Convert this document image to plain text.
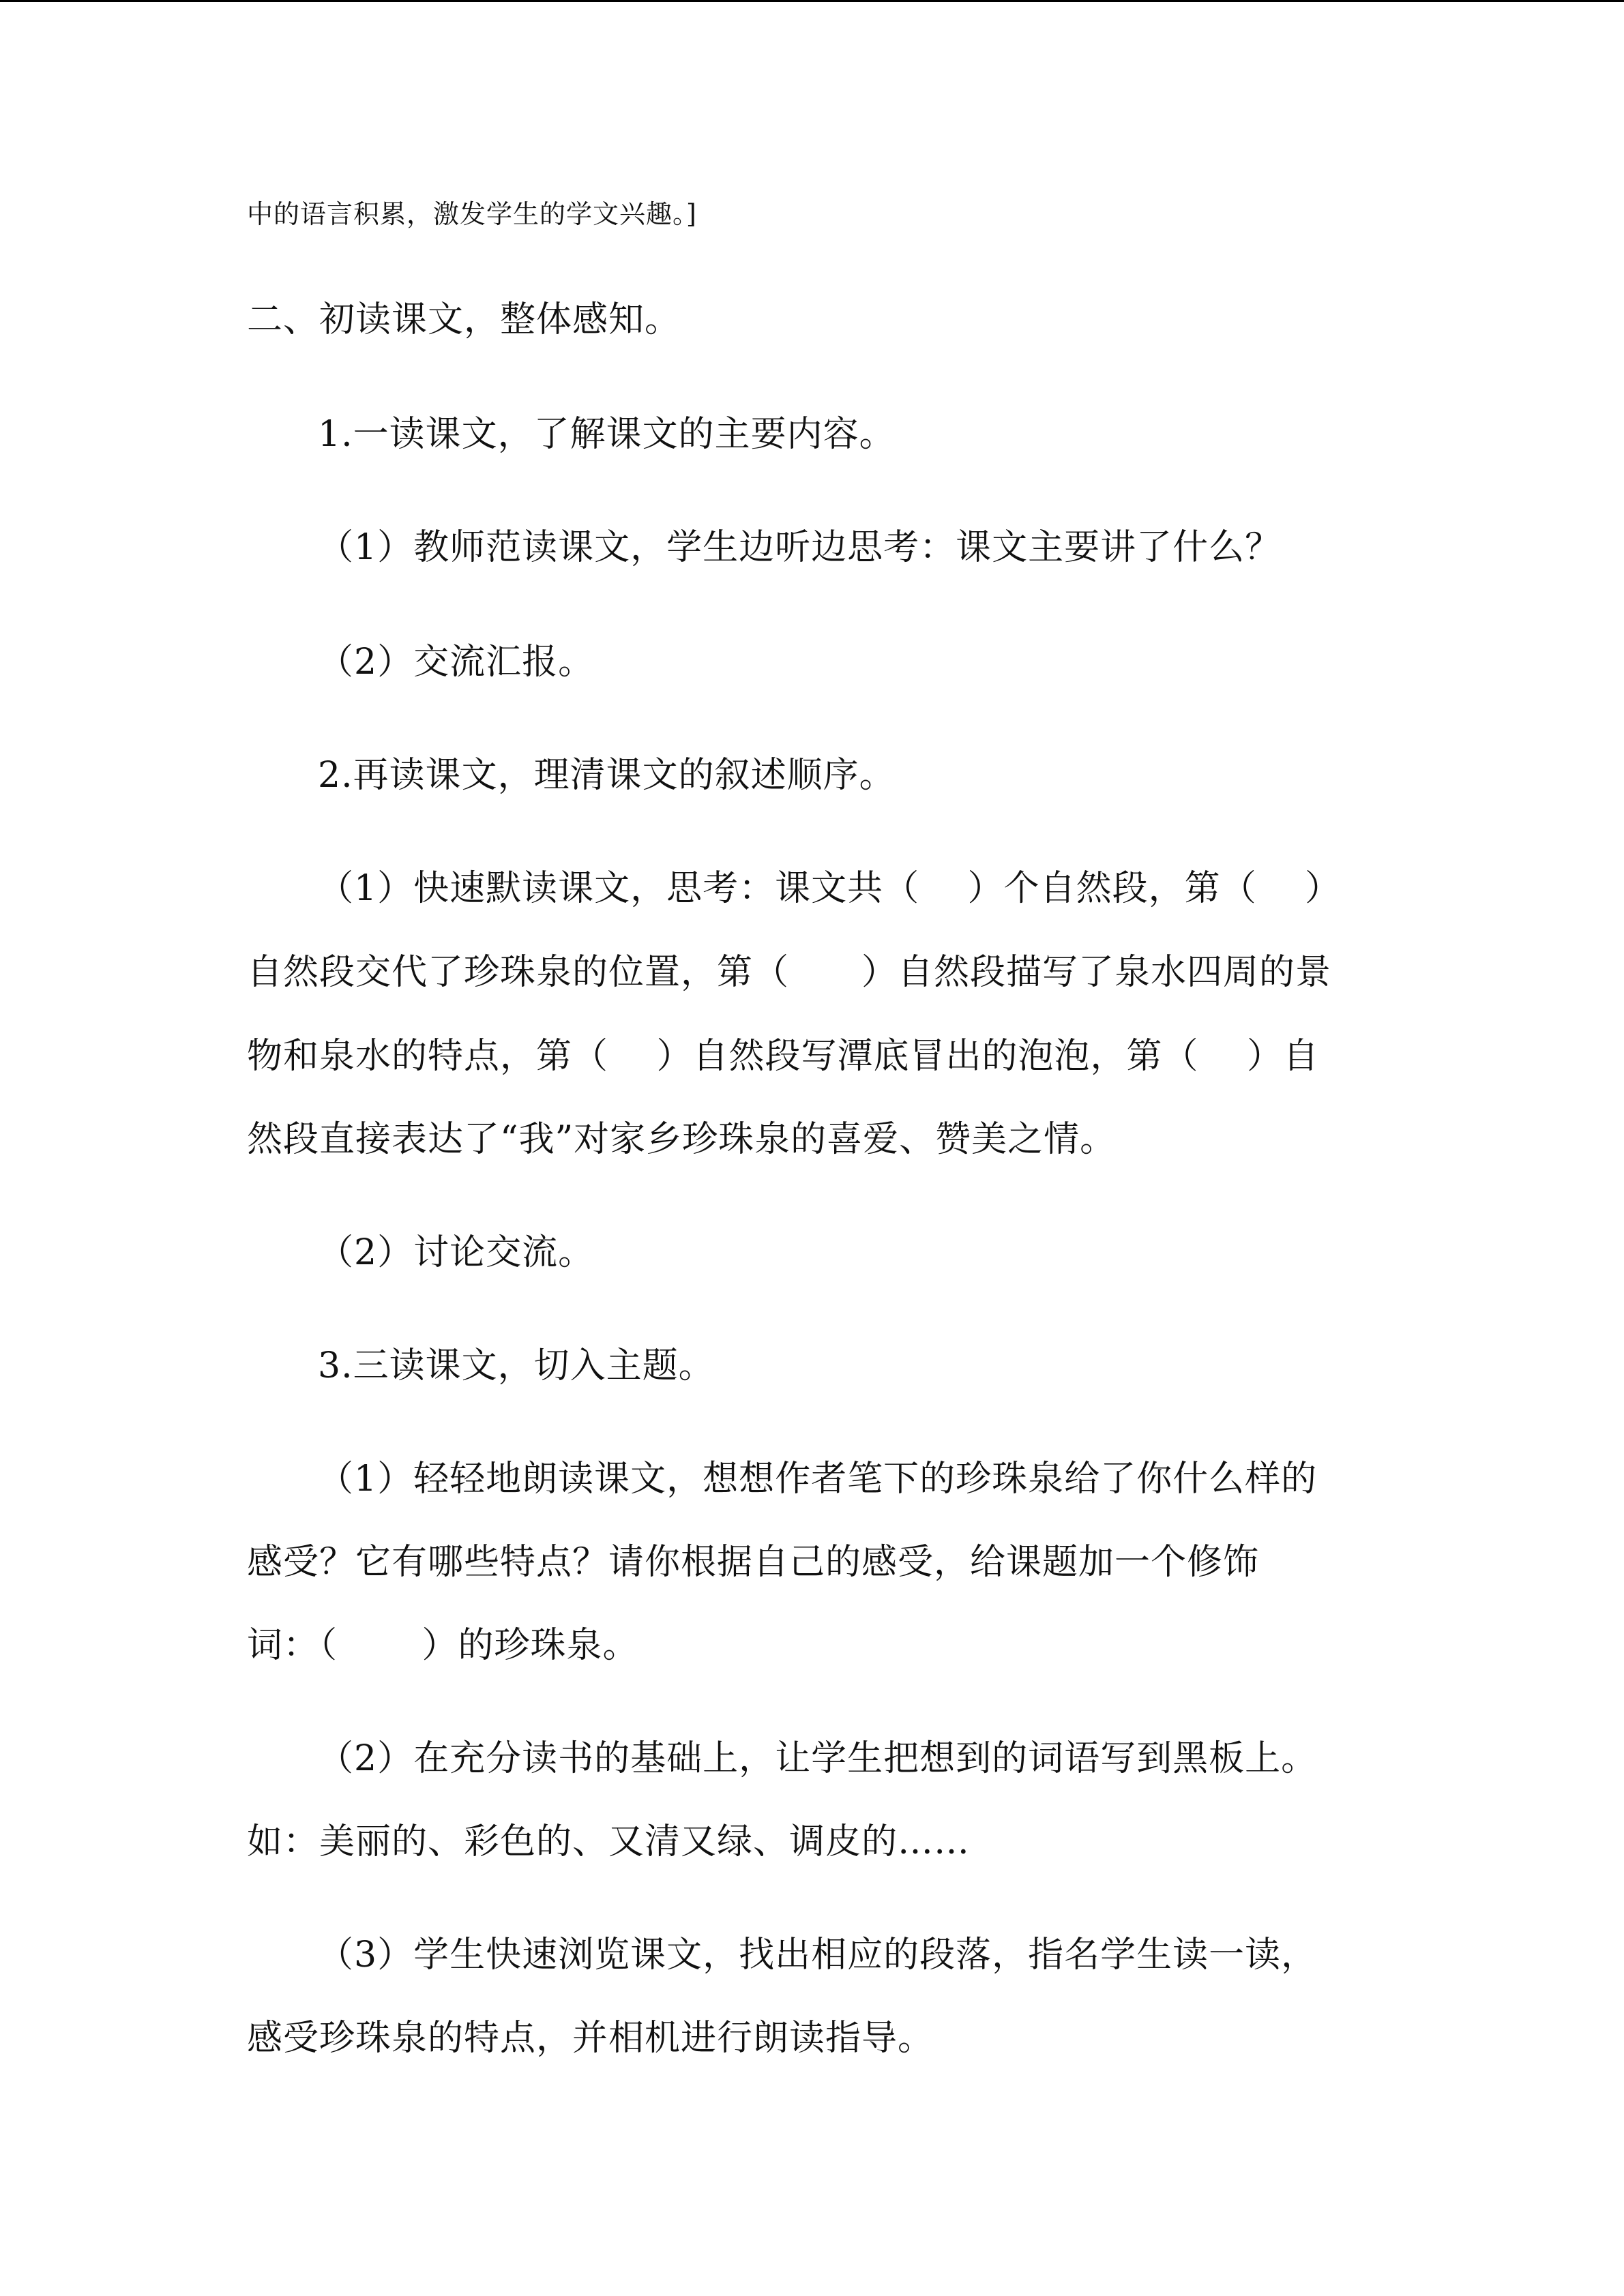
中的语言积累，激发学生的学文兴趣。]
二、初读课文，整体感知。
1.一读课文，了解课文的主要内容。
（1）教师范读课文，学生边听边思考：课文主要讲了什么？
（2）交流汇报。
2.再读课文，理清课文的叙述顺序。
（1）快速默读课文，思考：课文共（　 ）个自然段，第（　 ）
自然段交代了珍珠泉的位置，第（　　）自然段描写了泉水四周的景
物和泉水的特点，第（　 ）自然段写潭底冒出的泡泡，第（　 ）自
然段直接表达了“我”对家乡珍珠泉的喜爱、赞美之情。
（2）讨论交流。
3.三读课文，切入主题。
（1）轻轻地朗读课文，想想作者笔下的珍珠泉给了你什么样的
感受？它有哪些特点？请你根据自己的感受，给课题加一个修饰
词：（　　 ）的珍珠泉。
（2）在充分读书的基础上，让学生把想到的词语写到黑板上。
如：美丽的、彩色的、又清又绿、调皮的……
（3）学生快速浏览课文，找出相应的段落，指名学生读一读，
感受珍珠泉的特点，并相机进行朗读指导。
